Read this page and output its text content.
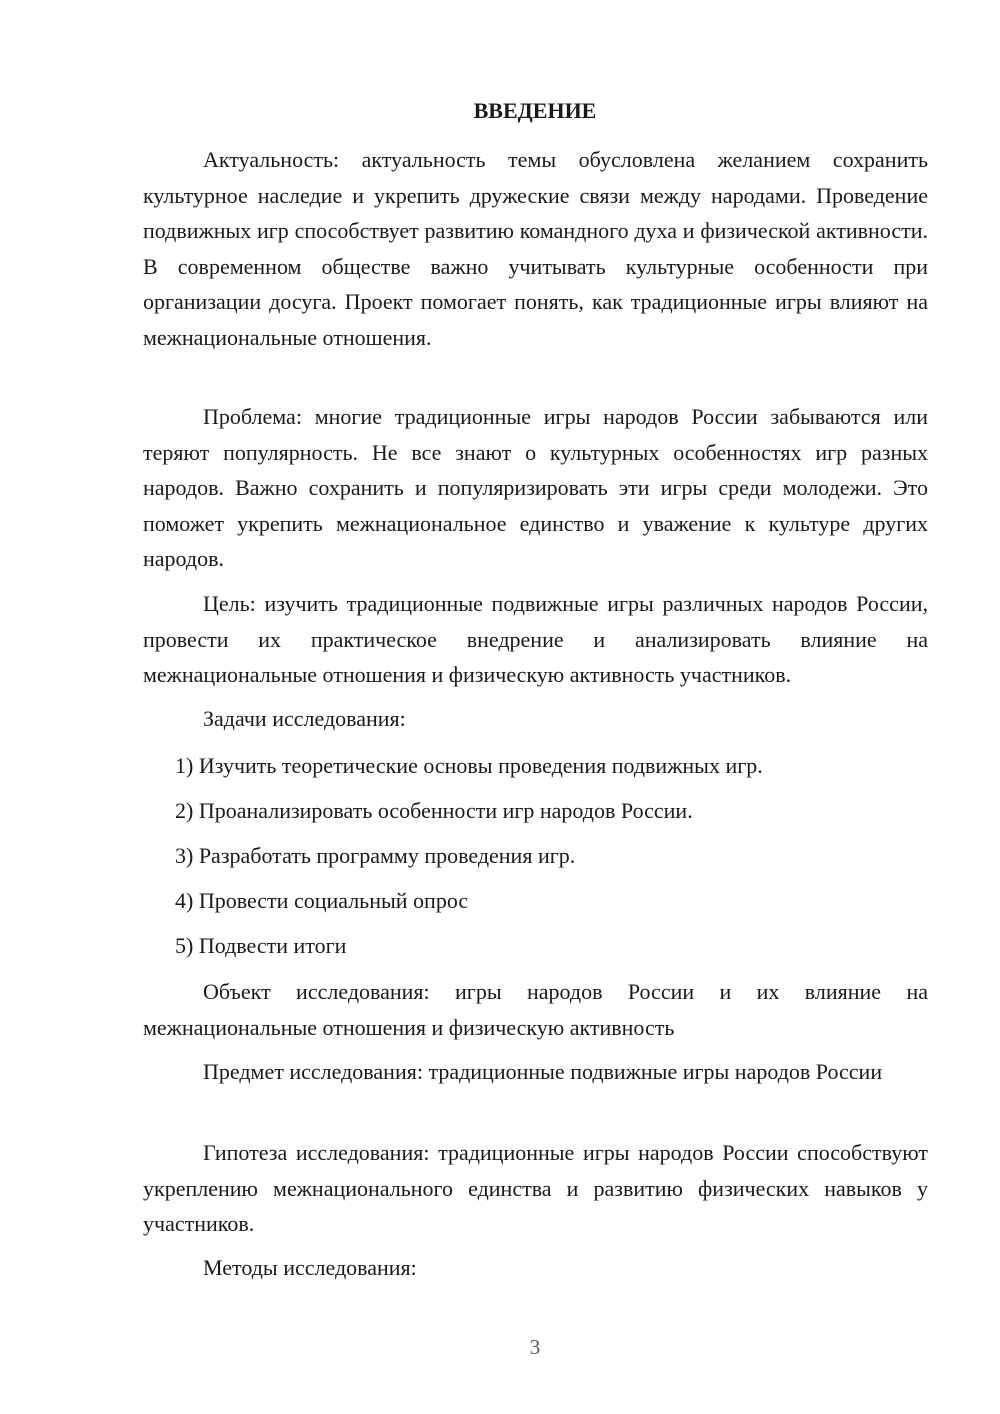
ВВЕДЕНИЕ

Актуальность: актуальность темы обусловлена желанием сохранить культурное наследие и укрепить дружеские связи между народами. Проведение подвижных игр способствует развитию командного духа и физической активности. В современном обществе важно учитывать культурные особенности при организации досуга. Проект помогает понять, как традиционные игры влияют на межнациональные отношения.

Проблема: многие традиционные игры народов России забываются или теряют популярность. Не все знают о культурных особенностях игр разных народов. Важно сохранить и популяризировать эти игры среди молодежи. Это поможет укрепить межнациональное единство и уважение к культуре других народов.

Цель: изучить традиционные подвижные игры различных народов России, провести их практическое внедрение и анализировать влияние на межнациональные отношения и физическую активность участников.

Задачи исследования:

1) Изучить теоретические основы проведения подвижных игр.

2) Проанализировать особенности игр народов России.

3) Разработать программу проведения игр.

4) Провести социальный опрос

5) Подвести итоги

Объект исследования: игры народов России и их влияние на межнациональные отношения и физическую активность

Предмет исследования: традиционные подвижные игры народов России

Гипотеза исследования: традиционные игры народов России способствуют укреплению межнационального единства и развитию физических навыков у участников.

Методы исследования:

3
